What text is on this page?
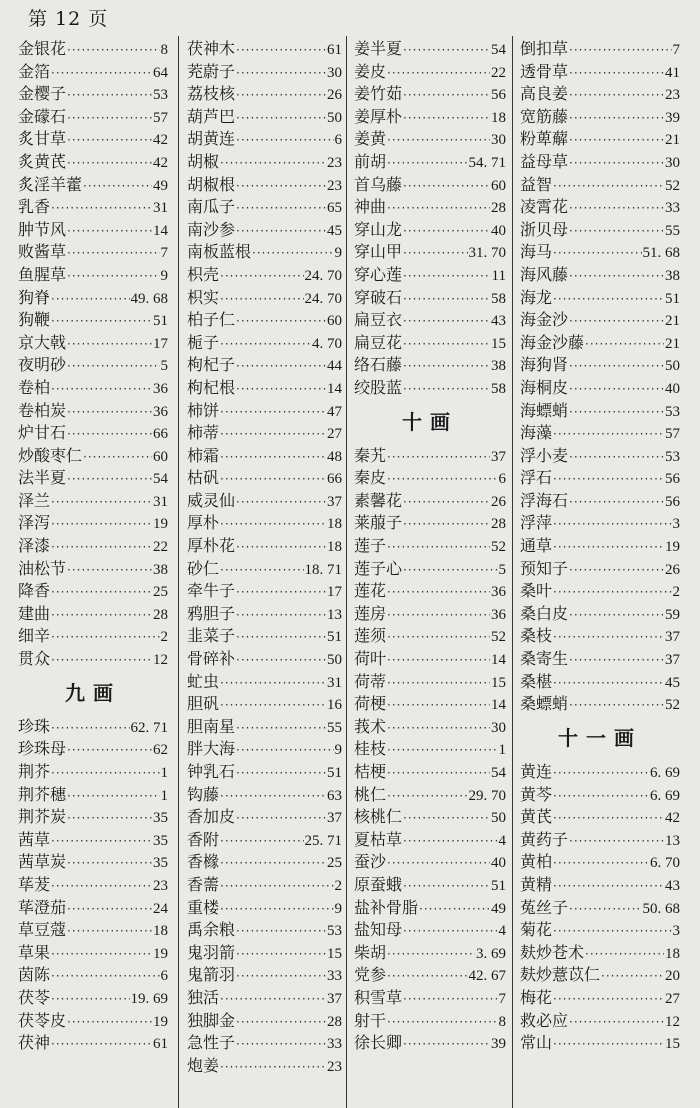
第 12 页
金银花 ·····	8
金箔 ·····	64
金樱子 ·····	53
金礞石 ·····	57
炙甘草 ·····	42
炙黄芪 ·····	42
炙淫羊藿 ·····	49
乳香 ·····	31
肿节风 ·····	14
败酱草 ·····	7
鱼腥草 ·····	9
狗脊 ·····	49. 68
狗鞭 ·····	51
京大戟 ·····	17
夜明砂 ·····	5
卷柏 ·····	36
卷柏炭 ·····	36
炉甘石 ·····	66
炒酸枣仁 ·····	60
法半夏 ·····	54
泽兰 ·····	31
泽泻 ·····	19
泽漆 ·····	22
油松节 ·····	38
降香 ·····	25
建曲 ·····	28
细辛 ·····	2
贯众 ·····	12
九画
珍珠 ·····	62. 71
珍珠母 ·····	62
荆芥 ·····	1
荆芥穗 ·····	1
荆芥炭 ·····	35
茜草 ·····	35
茜草炭 ·····	35
荜茇 ·····	23
荜澄茄 ·····	24
草豆蔻 ·····	18
草果 ·····	19
茵陈 ·····	6
茯苓 ·····	19. 69
茯苓皮 ·····	19
茯神 ·····	61
茯神木 ·····	61
茺蔚子 ·····	30
荔枝核 ·····	26
葫芦巴 ·····	50
胡黄连 ·····	6
胡椒 ·····	23
胡椒根 ·····	23
南瓜子 ·····	65
南沙参 ·····	45
南板蓝根 ·····	9
枳壳 ·····	24. 70
枳实 ·····	24. 70
柏子仁 ·····	60
栀子 ·····	4. 70
枸杞子 ·····	44
枸杞根 ·····	14
柿饼 ·····	47
柿蒂 ·····	27
柿霜 ·····	48
枯矾 ·····	66
威灵仙 ·····	37
厚朴 ·····	18
厚朴花 ·····	18
砂仁 ·····	18. 71
牵牛子 ·····	17
鸦胆子 ·····	13
韭菜子 ·····	51
骨碎补 ·····	50
虻虫 ·····	31
胆矾 ·····	16
胆南星 ·····	55
胖大海 ·····	9
钟乳石 ·····	51
钩藤 ·····	63
香加皮 ·····	37
香附 ·····	25. 71
香橼 ·····	25
香薷 ·····	2
重楼 ·····	9
禹余粮 ·····	53
鬼羽箭 ·····	15
鬼箭羽 ·····	33
独活 ·····	37
独脚金 ·····	28
急性子 ·····	33
炮姜 ·····	23
姜半夏 ·····	54
姜皮 ·····	22
姜竹茹 ·····	56
姜厚朴 ·····	18
姜黄 ·····	30
前胡 ·····	54. 71
首乌藤 ·····	60
神曲 ·····	28
穿山龙 ·····	40
穿山甲 ·····	31. 70
穿心莲 ·····	11
穿破石 ·····	58
扁豆衣 ·····	43
扁豆花 ·····	15
络石藤 ·····	38
绞股蓝 ·····	58
十画
秦艽 ·····	37
秦皮 ·····	6
素馨花 ·····	26
莱菔子 ·····	28
莲子 ·····	52
莲子心 ·····	5
莲花 ·····	36
莲房 ·····	36
莲须 ·····	52
荷叶 ·····	14
荷蒂 ·····	15
荷梗 ·····	14
莪术 ·····	30
桂枝 ·····	1
桔梗 ·····	54
桃仁 ·····	29. 70
核桃仁 ·····	50
夏枯草 ·····	4
蚕沙 ·····	40
原蚕蛾 ·····	51
盐补骨脂 ·····	49
盐知母 ·····	4
柴胡 ·····	3. 69
党参 ·····	42. 67
积雪草 ·····	7
射干 ·····	8
徐长卿 ·····	39
倒扣草 ·····	7
透骨草 ·····	41
高良姜 ·····	23
宽筋藤 ·····	39
粉萆薢 ·····	21
益母草 ·····	30
益智 ·····	52
凌霄花 ·····	33
浙贝母 ·····	55
海马 ·····	51. 68
海风藤 ·····	38
海龙 ·····	51
海金沙 ·····	21
海金沙藤 ·····	21
海狗肾 ·····	50
海桐皮 ·····	40
海螵蛸 ·····	53
海藻 ·····	57
浮小麦 ·····	53
浮石 ·····	56
浮海石 ·····	56
浮萍 ·····	3
通草 ·····	19
预知子 ·····	26
桑叶 ·····	2
桑白皮 ·····	59
桑枝 ·····	37
桑寄生 ·····	37
桑椹 ·····	45
桑螵蛸 ·····	52
十一画
黄连 ·····	6. 69
黄芩 ·····	6. 69
黄芪 ·····	42
黄药子 ·····	13
黄柏 ·····	6. 70
黄精 ·····	43
菟丝子 ·····	50. 68
菊花 ·····	3
麸炒苍术 ·····	18
麸炒薏苡仁 ·····	20
梅花 ·····	27
救必应 ·····	12
常山 ·····	15
